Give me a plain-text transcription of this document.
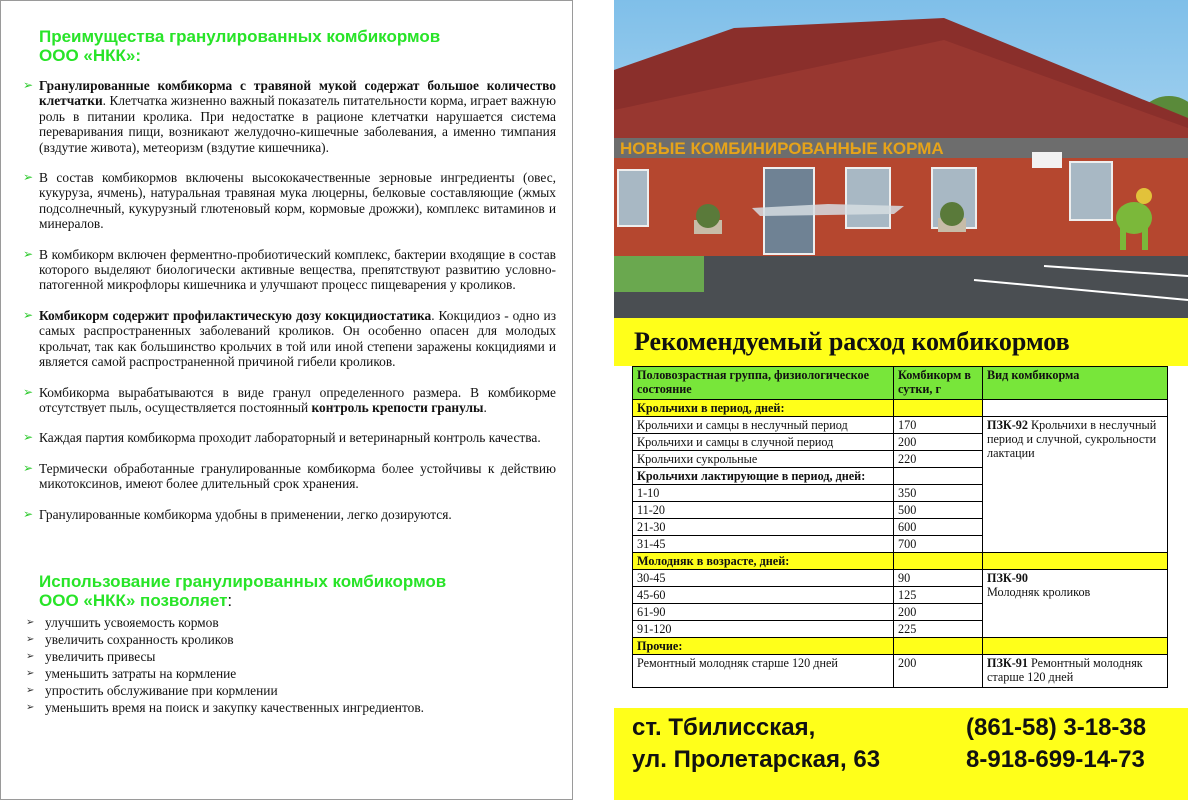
Преимущества гранулированных комбикормов
ООО «НКК»:

➢ Гранулированные комбикорма с травяной мукой содержат большое количество клетчатки. Клетчатка жизненно важный показатель питательности корма, играет важную роль в питании кролика. При недостатке в рационе клетчатки нарушается система переваривания пищи, возникают желудочно-кишечные заболевания, а именно тимпания (вздутие живота), метеоризм (вздутие кишечника).

➢ В состав комбикормов включены высококачественные зерновые ингредиенты (овес, кукуруза, ячмень), натуральная травяная мука люцерны, белковые составляющие (жмых подсолнечный, кукурузный глютеновый корм, кормовые дрожжи), комплекс витаминов и минералов.

➢ В комбикорм включен ферментно-пробиотический комплекс, бактерии входящие в состав которого выделяют биологически активные вещества, препятствуют развитию условно-патогенной микрофлоры кишечника и улучшают процесс пищеварения у кроликов.

➢ Комбикорм содержит профилактическую дозу кокцидиостатика. Кокцидиоз - одно из самых распространенных заболеваний кроликов. Он особенно опасен для молодых крольчат, так как большинство крольчих в той или иной степени заражены кокцидиями и является самой распространенной причиной гибели кроликов.

➢ Комбикорма вырабатываются в виде гранул определенного размера. В комбикорме отсутствует пыль, осуществляется постоянный контроль крепости гранулы.

➢ Каждая партия комбикорма проходит лабораторный и ветеринарный контроль качества.

➢ Термически обработанные гранулированные комбикорма более устойчивы к действию микотоксинов, имеют более длительный срок хранения.

➢ Гранулированные комбикорма удобны в применении, легко дозируются.

Использование гранулированных комбикормов
ООО «НКК» позволяет:
➢ улучшить усвояемость кормов
➢ увеличить сохранность кроликов
➢ увеличить привесы
➢ уменьшить затраты на кормление
➢ упростить обслуживание при кормлении
➢ уменьшить время на поиск и закупку качественных ингредиентов.
НОВЫЕ КОМБИНИРОВАННЫЕ КОРМА
Рекомендуемый расход комбикормов
Половозрастная группа, физиологическое состояние	Комбикорм в сутки, г	Вид комбикорма
Крольчихи в период, дней:		
Крольчихи и самцы в неслучный период	170	ПЗК-92 Крольчихи в неслучный период и случной, сукрольности лактации
Крольчихи и самцы в случной период	200	
Крольчихи сукрольные	220	
Крольчихи лактирующие в период, дней:		
1-10	350	
11-20	500	
21-30	600	
31-45	700	
Молодняк в возрасте, дней:		
30-45	90	ПЗК-90
Молодняк кроликов
45-60	125	
61-90	200	
91-120	225	
Прочие:		
Ремонтный молодняк старше 120 дней	200	ПЗК-91 Ремонтный молодняк старше 120 дней
ст. Тбилисская,
ул. Пролетарская, 63
(861-58) 3-18-38
8-918-699-14-73
